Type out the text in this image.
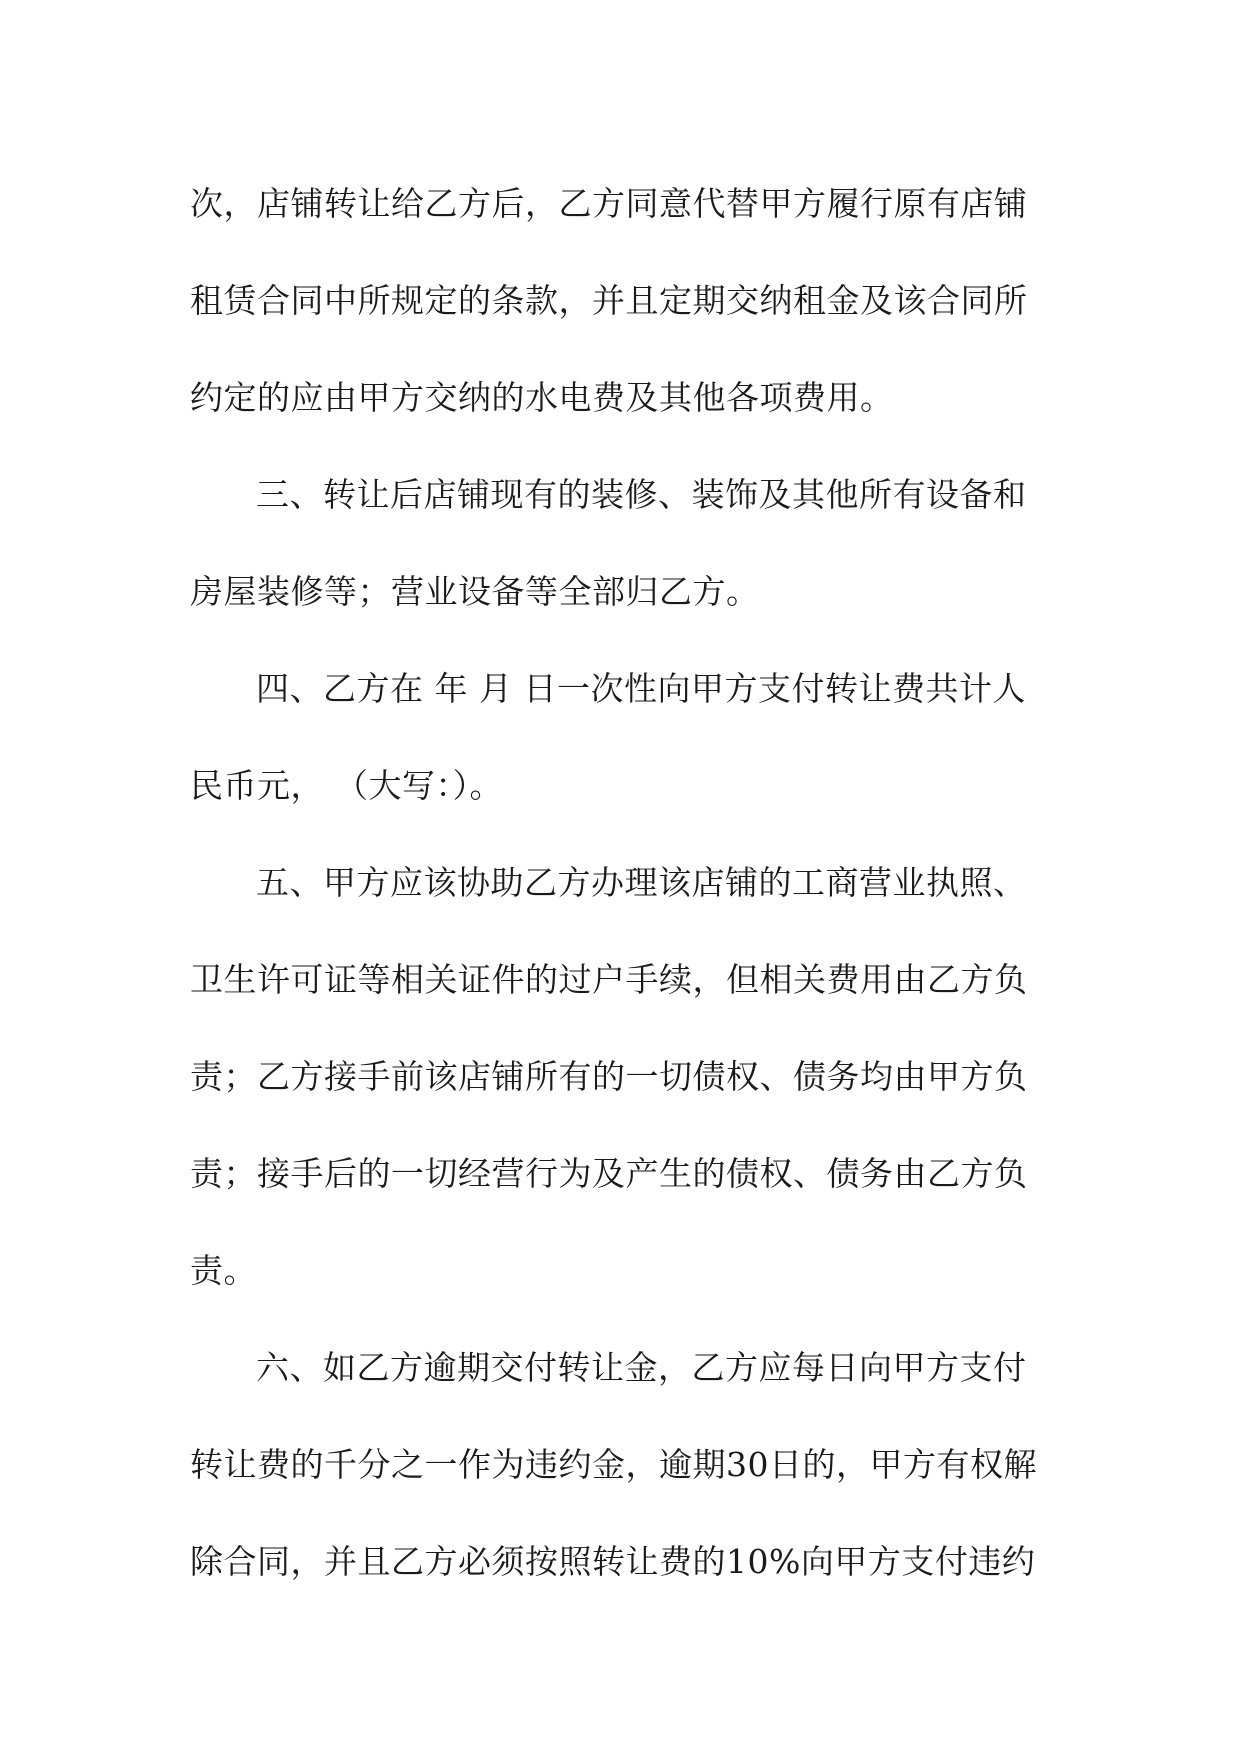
次，店铺转让给乙方后，乙方同意代替甲方履行原有店铺
租赁合同中所规定的条款，并且定期交纳租金及该合同所
约定的应由甲方交纳的水电费及其他各项费用。
三、转让后店铺现有的装修、装饰及其他所有设备和
房屋装修等；营业设备等全部归乙方。
四、乙方在 年 月 日一次性向甲方支付转让费共计人
民币元， （大写：）。
五、甲方应该协助乙方办理该店铺的工商营业执照、
卫生许可证等相关证件的过户手续，但相关费用由乙方负
责；乙方接手前该店铺所有的一切债权、债务均由甲方负
责；接手后的一切经营行为及产生的债权、债务由乙方负
责。
六、如乙方逾期交付转让金，乙方应每日向甲方支付
转让费的千分之一作为违约金，逾期30日的，甲方有权解
除合同，并且乙方必须按照转让费的10%向甲方支付违约
